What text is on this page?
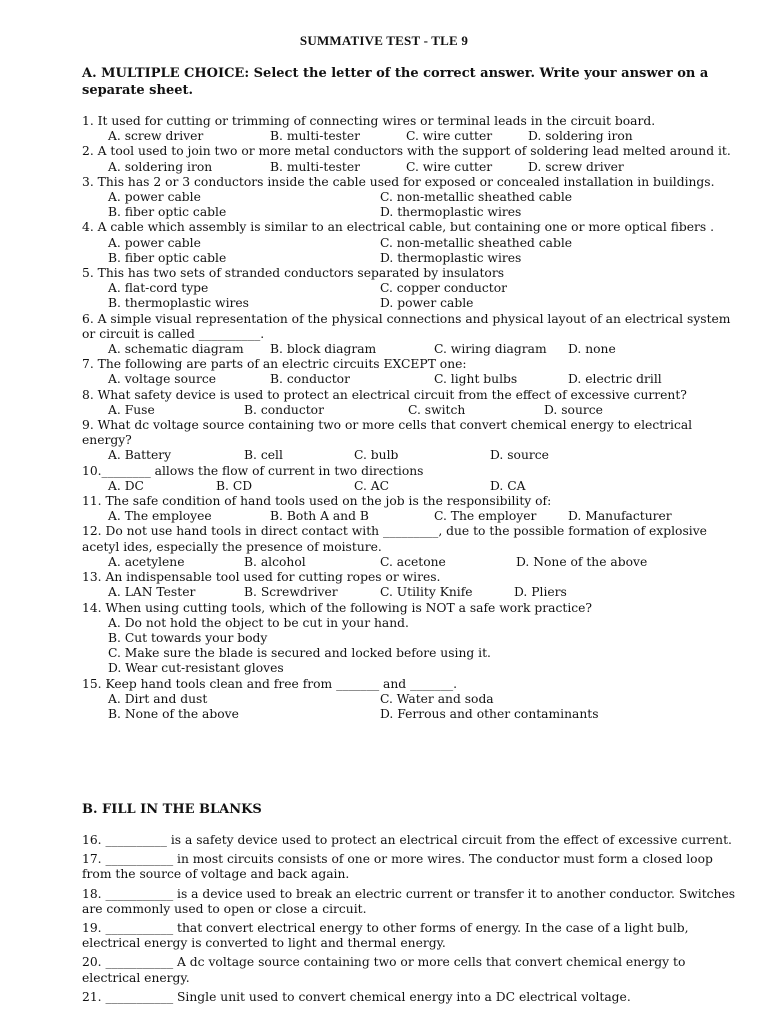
SUMMATIVE TEST - TLE 9
A. MULTIPLE CHOICE: Select the letter of the correct answer. Write your answer on a separate sheet.
1. It used for cutting or trimming of connecting wires or terminal leads in the circuit board.
A. screw driver	B. multi-tester	C. wire cutter	D. soldering iron
2. A tool used to join two or more metal conductors with the support of soldering lead melted around it.
A. soldering iron	B. multi-tester	C. wire cutter	D. screw driver
3. This has 2 or 3 conductors inside the cable used for exposed or concealed installation in buildings.
A. power cable	C. non-metallic sheathed cable
B. fiber optic cable	D. thermoplastic wires
4. A cable which assembly is similar to an electrical cable, but containing one or more optical fibers .
A. power cable	C. non-metallic sheathed cable
B. fiber optic cable	D. thermoplastic wires
5. This has two sets of stranded conductors separated by insulators
A. flat-cord type	C. copper conductor
B. thermoplastic wires	D. power cable
6. A simple visual representation of the physical connections and physical layout of an electrical system or circuit is called __________.
A. schematic diagram	B. block diagram	C. wiring diagram	D. none
7. The following are parts of an electric circuits EXCEPT one:
A. voltage source	B. conductor	C. light bulbs	D. electric drill
8. What safety device is used to protect an electrical circuit from the effect of excessive current?
A. Fuse	B. conductor	C. switch	D. source
9. What dc voltage source containing two or more cells that convert chemical energy to electrical energy?
A. Battery	B. cell	C. bulb	D. source
10.________ allows the flow of current in two directions
A. DC	B. CD	C. AC	D. CA
11. The safe condition of hand tools used on the job is the responsibility of:
A. The employee	B. Both A and B	C. The employer	D. Manufacturer
12. Do not use hand tools in direct contact with _________, due to the possible formation of explosive acetyl ides, especially the presence of moisture.
A. acetylene	B. alcohol	C. acetone	D. None of the above
13. An indispensable tool used for cutting ropes or wires.
A. LAN Tester	B. Screwdriver	C. Utility Knife	D. Pliers
14. When using cutting tools, which of the following is NOT a safe work practice?
A. Do not hold the object to be cut in your hand.
B. Cut towards your body
C. Make sure the blade is secured and locked before using it.
D. Wear cut-resistant gloves
15. Keep hand tools clean and free from _______ and _______.
A. Dirt and dust	C. Water and soda
B. None of the above	D. Ferrous and other contaminants
B. FILL IN THE BLANKS
16. __________ is a safety device used to protect an electrical circuit from the effect of excessive current.
17. ___________ in most circuits consists of one or more wires. The conductor must form a closed loop from the source of voltage and back again.
18. ___________ is a device used to break an electric current or transfer it to another conductor. Switches are commonly used to open or close a circuit.
19. ___________ that convert electrical energy to other forms of energy. In the case of a light bulb, electrical energy is converted to light and thermal energy.
20. ___________ A dc voltage source containing two or more cells that convert chemical energy to electrical energy.
21. ___________ Single unit used to convert chemical energy into a DC electrical voltage.
